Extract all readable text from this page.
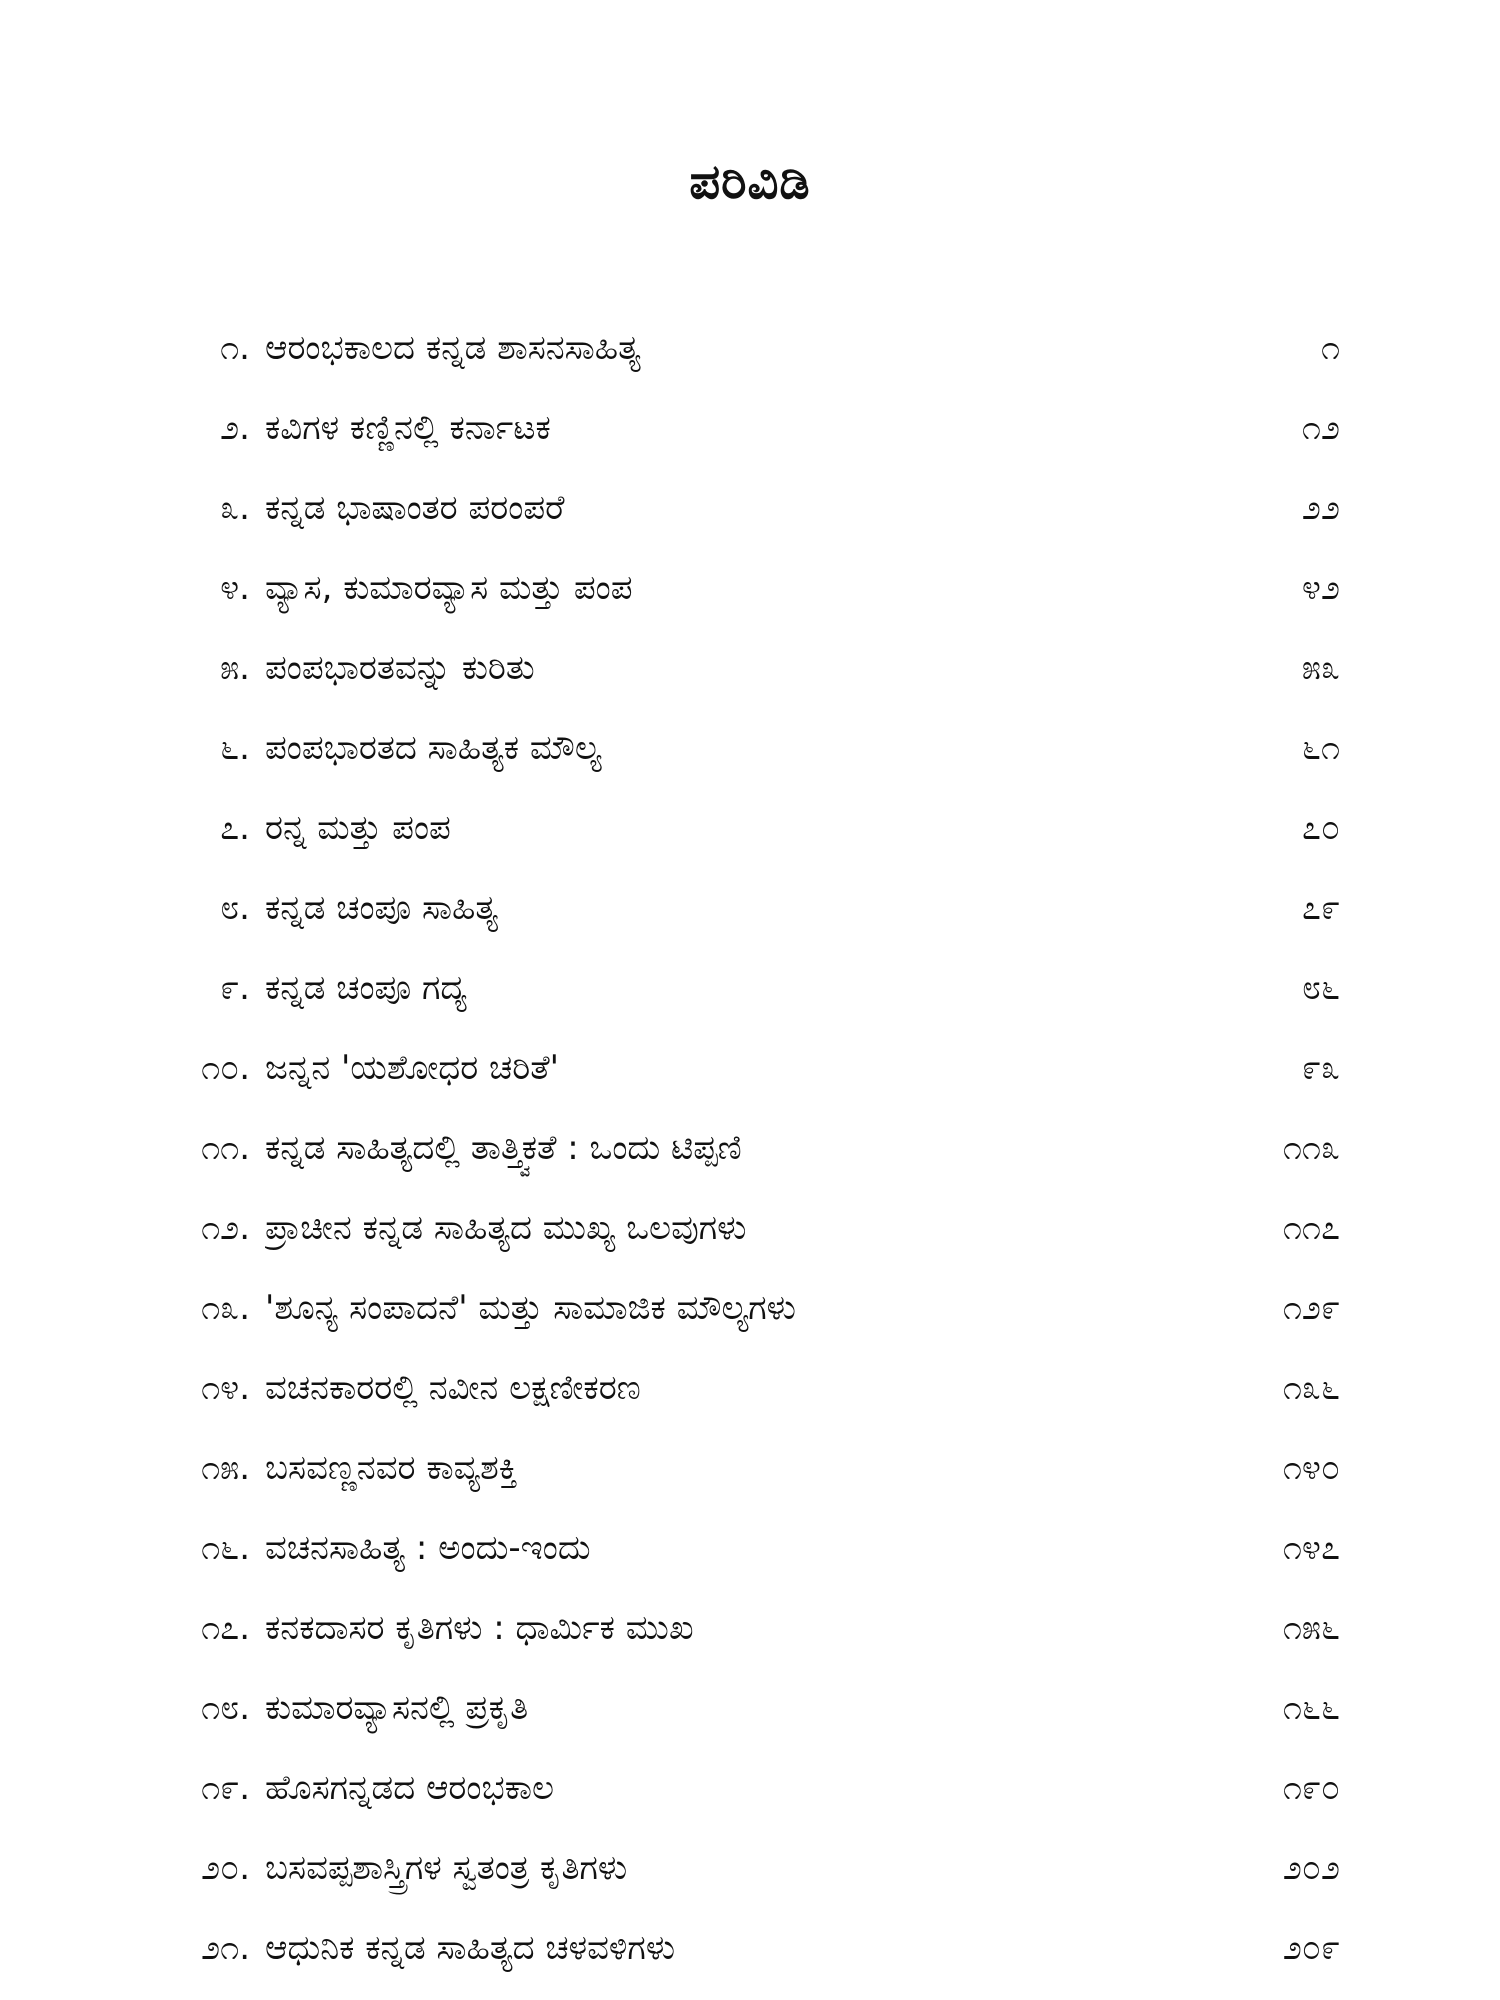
ಪರಿವಿಡಿ
೧. ಆರಂಭಕಾಲದ ಕನ್ನಡ ಶಾಸನಸಾಹಿತ್ಯ	೧
೨. ಕವಿಗಳ ಕಣ್ಣಿನಲ್ಲಿ ಕರ್ನಾಟಕ	೧೨
೩. ಕನ್ನಡ ಭಾಷಾಂತರ ಪರಂಪರೆ	೨೨
೪. ವ್ಯಾಸ, ಕುಮಾರವ್ಯಾಸ ಮತ್ತು ಪಂಪ	೪೨
೫. ಪಂಪಭಾರತವನ್ನು ಕುರಿತು	೫೩
೬. ಪಂಪಭಾರತದ ಸಾಹಿತ್ಯಕ ಮೌಲ್ಯ	೬೧
೭. ರನ್ನ ಮತ್ತು ಪಂಪ	೭೦
೮. ಕನ್ನಡ ಚಂಪೂ ಸಾಹಿತ್ಯ	೭೯
೯. ಕನ್ನಡ ಚಂಪೂ ಗದ್ಯ	೮೬
೧೦. ಜನ್ನನ 'ಯಶೋಧರ ಚರಿತೆ'	೯೩
೧೧. ಕನ್ನಡ ಸಾಹಿತ್ಯದಲ್ಲಿ ತಾತ್ತ್ವಿಕತೆ : ಒಂದು ಟಿಪ್ಪಣಿ	೧೧೩
೧೨. ಪ್ರಾಚೀನ ಕನ್ನಡ ಸಾಹಿತ್ಯದ ಮುಖ್ಯ ಒಲವುಗಳು	೧೧೭
೧೩. 'ಶೂನ್ಯ ಸಂಪಾದನೆ' ಮತ್ತು ಸಾಮಾಜಿಕ ಮೌಲ್ಯಗಳು	೧೨೯
೧೪. ವಚನಕಾರರಲ್ಲಿ ನವೀನ ಲಕ್ಷಣೀಕರಣ	೧೩೬
೧೫. ಬಸವಣ್ಣನವರ ಕಾವ್ಯಶಕ್ತಿ	೧೪೦
೧೬. ವಚನಸಾಹಿತ್ಯ : ಅಂದು-ಇಂದು	೧೪೭
೧೭. ಕನಕದಾಸರ ಕೃತಿಗಳು : ಧಾರ್ಮಿಕ ಮುಖ	೧೫೬
೧೮. ಕುಮಾರವ್ಯಾಸನಲ್ಲಿ ಪ್ರಕೃತಿ	೧೬೬
೧೯. ಹೊಸಗನ್ನಡದ ಆರಂಭಕಾಲ	೧೯೦
೨೦. ಬಸವಪ್ಪಶಾಸ್ತ್ರಿಗಳ ಸ್ವತಂತ್ರ ಕೃತಿಗಳು	೨೦೨
೨೧. ಆಧುನಿಕ ಕನ್ನಡ ಸಾಹಿತ್ಯದ ಚಳವಳಿಗಳು	೨೦೯
